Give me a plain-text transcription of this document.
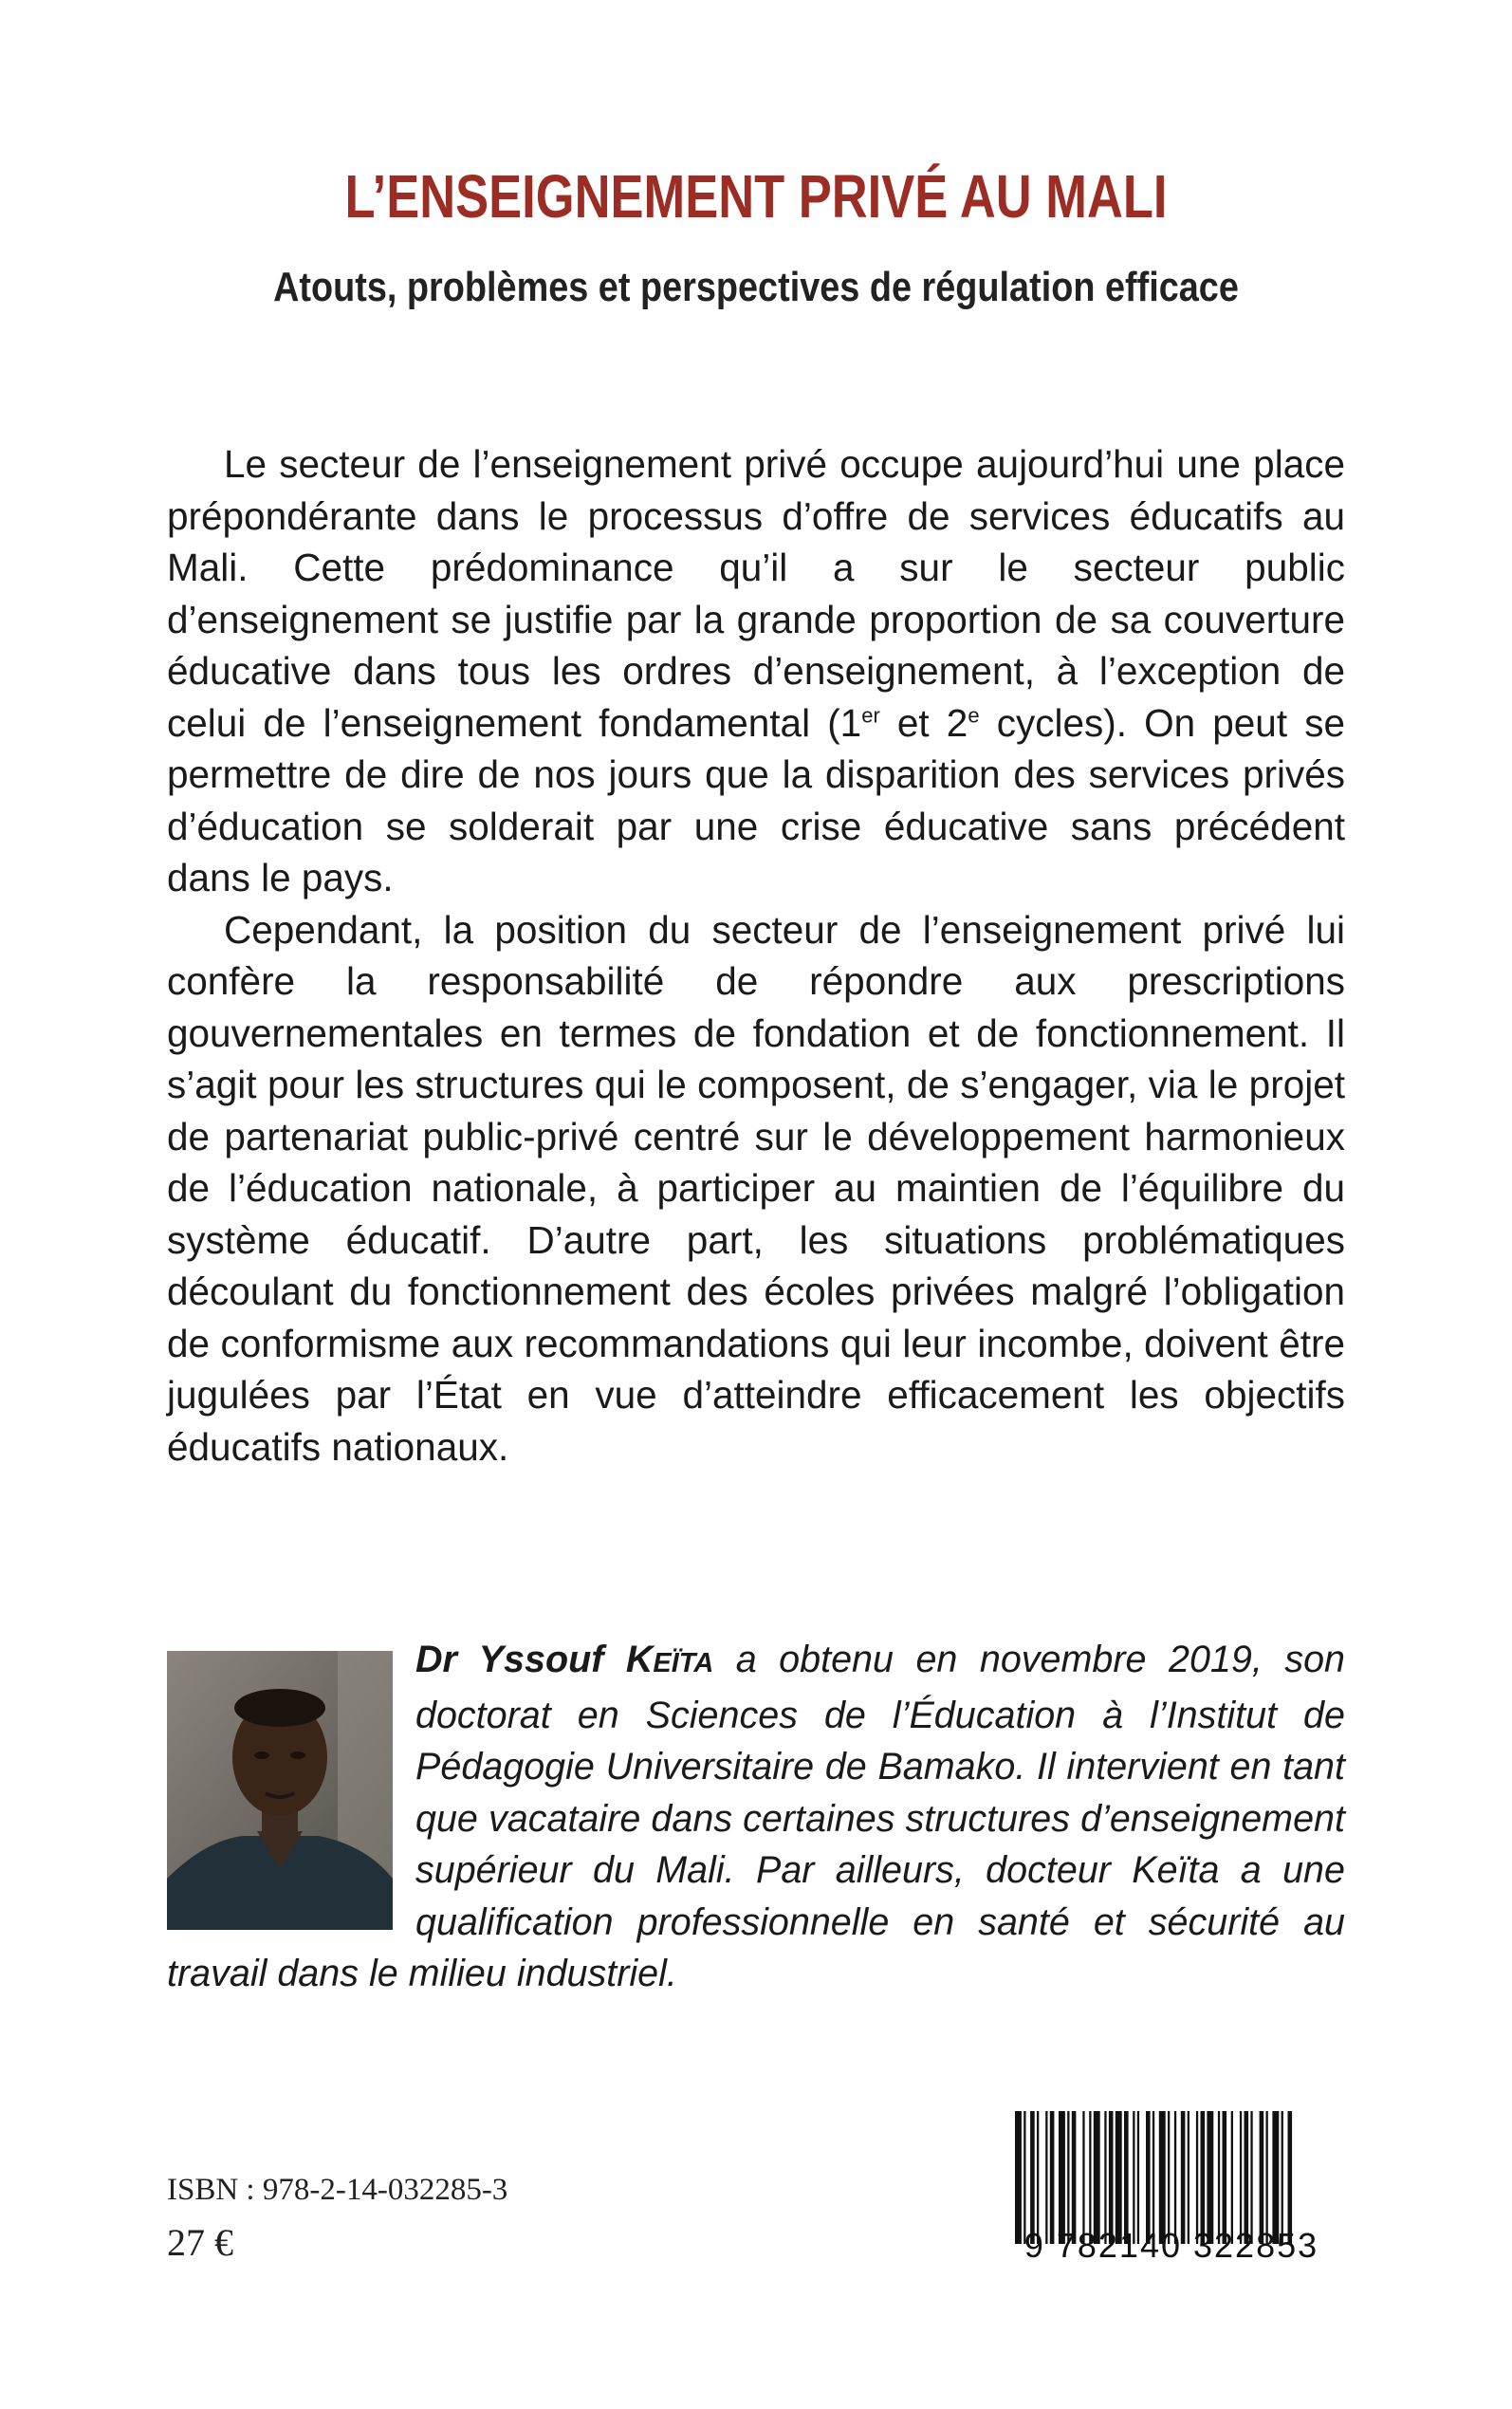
L’ENSEIGNEMENT PRIVÉ AU MALI
Atouts, problèmes et perspectives de régulation efficace

Le secteur de l’enseignement privé occupe aujourd’hui une place prépondérante dans le processus d’offre de services éducatifs au Mali. Cette prédominance qu’il a sur le secteur public d’enseignement se justifie par la grande proportion de sa couverture éducative dans tous les ordres d’enseignement, à l’exception de celui de l’enseignement fondamental (1er et 2e cycles). On peut se permettre de dire de nos jours que la disparition des services privés d’éducation se solderait par une crise éducative sans précédent dans le pays.

Cependant, la position du secteur de l’enseignement privé lui confère la responsabilité de répondre aux prescriptions gouvernementales en termes de fondation et de fonctionnement. Il s’agit pour les structures qui le composent, de s’engager, via le projet de partenariat public-privé centré sur le développement harmonieux de l’éducation nationale, à participer au maintien de l’équilibre du système éducatif. D’autre part, les situations problématiques découlant du fonctionnement des écoles privées malgré l’obligation de conformisme aux recommandations qui leur incombe, doivent être jugulées par l’État en vue d’atteindre efficacement les objectifs éducatifs nationaux.

Dr Yssouf KEÏTA a obtenu en novembre 2019, son doctorat en Sciences de l’Éducation à l’Institut de Pédagogie Universitaire de Bamako. Il intervient en tant que vacataire dans certaines structures d’enseignement supérieur du Mali. Par ailleurs, docteur Keïta a une qualification professionnelle en santé et sécurité au travail dans le milieu industriel.
ISBN : 978-2-14-032285-3
27 €	9 782140 322853
